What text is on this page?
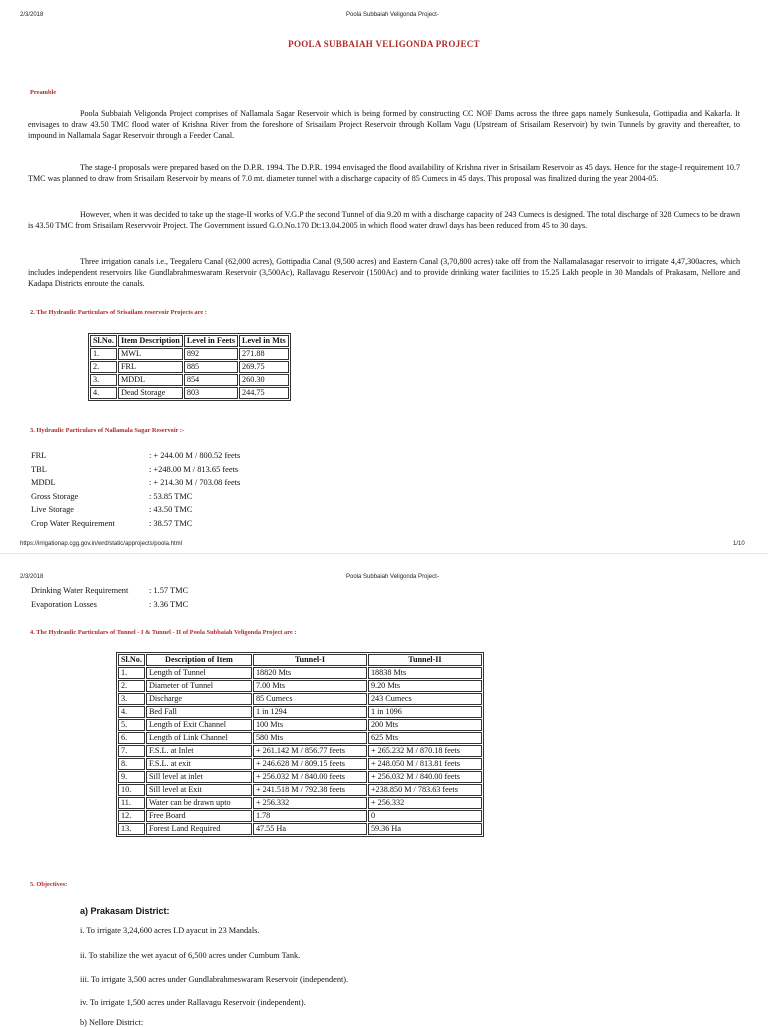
2/3/2018	Poola Subbaiah Veligonda Project-
POOLA SUBBAIAH VELIGONDA PROJECT
Preamble
Poola Subbaiah Veligonda Project comprises of Nallamala Sagar Reservoir which is being formed by constructing CC NOF Dams across the three gaps namely Sunkesula, Gottipadia and Kakarla. It envisages to draw 43.50 TMC flood water of Krishna River from the foreshore of Srisailam Project Reservoir through Kollam Vagu (Upstream of Srisailam Reservoir) by twin Tunnels by gravity and thereafter, to impound in Nallamala Sagar Reservoir through a Feeder Canal.
The stage-I proposals were prepared based on the D.P.R. 1994. The D.P.R. 1994 envisaged the flood availability of Krishna river in Srisailam Reservoir as 45 days. Hence for the stage-I requirement 10.7 TMC was planned to draw from Srisailam Reservoir by means of 7.0 mt. diameter tunnel with a discharge capacity of 85 Cumecs in 45 days. This proposal was finalized during the year 2004-05.
However, when it was decided to take up the stage-II works of V.G.P the second Tunnel of dia 9.20 m with a discharge capacity of 243 Cumecs is designed. The total discharge of 328 Cumecs to be drawn is 43.50 TMC from Srisailam Reservvoir Project. The Government issued G.O.No.170 Dt:13.04.2005 in which flood water drawl days has been reduced from 45 to 30 days.
Three irrigation canals i.e., Teegaleru Canal (62,000 acres), Gottipadia Canal (9,500 acres) and Eastern Canal (3,70,800 acres) take off from the Nallamalasagar reservoir to irrigate 4,47,300acres, which includes independent reservoirs like Gundlabrahmeswaram Reservoir (3,500Ac), Rallavagu Reservoir (1500Ac) and to provide drinking water facilities to 15.25 Lakh people in 30 Mandals of Prakasam, Nellore and Kadapa Districts enroute the canals.
2. The Hydraulic Particulars of Srisailam reservoir Projects are :
Sl.No.	Item Description	Level in Feets	Level in Mts
1.	MWL	892	271.88
2.	FRL	885	269.75
3.	MDDL	854	260.30
4.	Dead Storage	803	244.75
3. Hydraulic Particulars of Nallamala Sagar Reservoir :-
FRL	: + 244.00 M / 800.52 feets
TBL	: +248.00 M / 813.65 feets
MDDL	: + 214.30 M / 703.08 feets
Gross Storage	: 53.85 TMC
Live Storage	: 43.50 TMC
Crop Water Requirement	: 38.57 TMC
https://irrigationap.cgg.gov.in/wrd/static/approjects/poola.html	1/10
2/3/2018	Poola Subbaiah Veligonda Project-
Drinking Water Requirement : 1.57 TMC
Evaporation Losses	: 3.36 TMC
4. The Hydraulic Particulars of Tunnel - I & Tunnel - II of Poola Subbaiah Veligonda Project are :
Sl.No.	Description of Item	Tunnel-I	Tunnel-II
1.	Length of Tunnel	18820 Mts	18838 Mts
2.	Diameter of Tunnel	7.00 Mts	9.20 Mts
3.	Discharge	85 Cumecs	243 Cumecs
4.	Bed Fall	1 in 1294	1 in 1096
5.	Length of Exit Channel	100 Mts	200 Mts
6.	Length of Link Channel	580 Mts	625 Mts
7.	F.S.L. at Inlet	+ 261.142 M / 856.77 feets	+ 265.232 M / 870.18 feets
8.	F.S.L. at exit	+ 246.628 M / 809.15 feets	+ 248.050 M / 813.81 feets
9.	Sill level at inlet	+ 256.032 M / 840.00 feets	+ 256.032 M / 840.00 feets
10.	Sill level at Exit	+ 241.518 M / 792.38 feets	+238.850 M / 783.63 feets
11.	Water can be drawn upto	+ 256.332	+ 256.332
12.	Free Board	1.78	0
13.	Forest Land Required	47.55 Ha	59.36 Ha
5. Objectives:
a) Prakasam District:
i. To irrigate 3,24,600 acres I.D ayacut in 23 Mandals.
ii. To stabilize the wet ayacut of 6,500 acres under Cumbum Tank.
iii. To irrigate 3,500 acres under Gundlabrahmeswaram Reservoir (independent).
iv. To irrigate 1,500 acres under Rallavagu Reservoir (independent).
b) Nellore District:
